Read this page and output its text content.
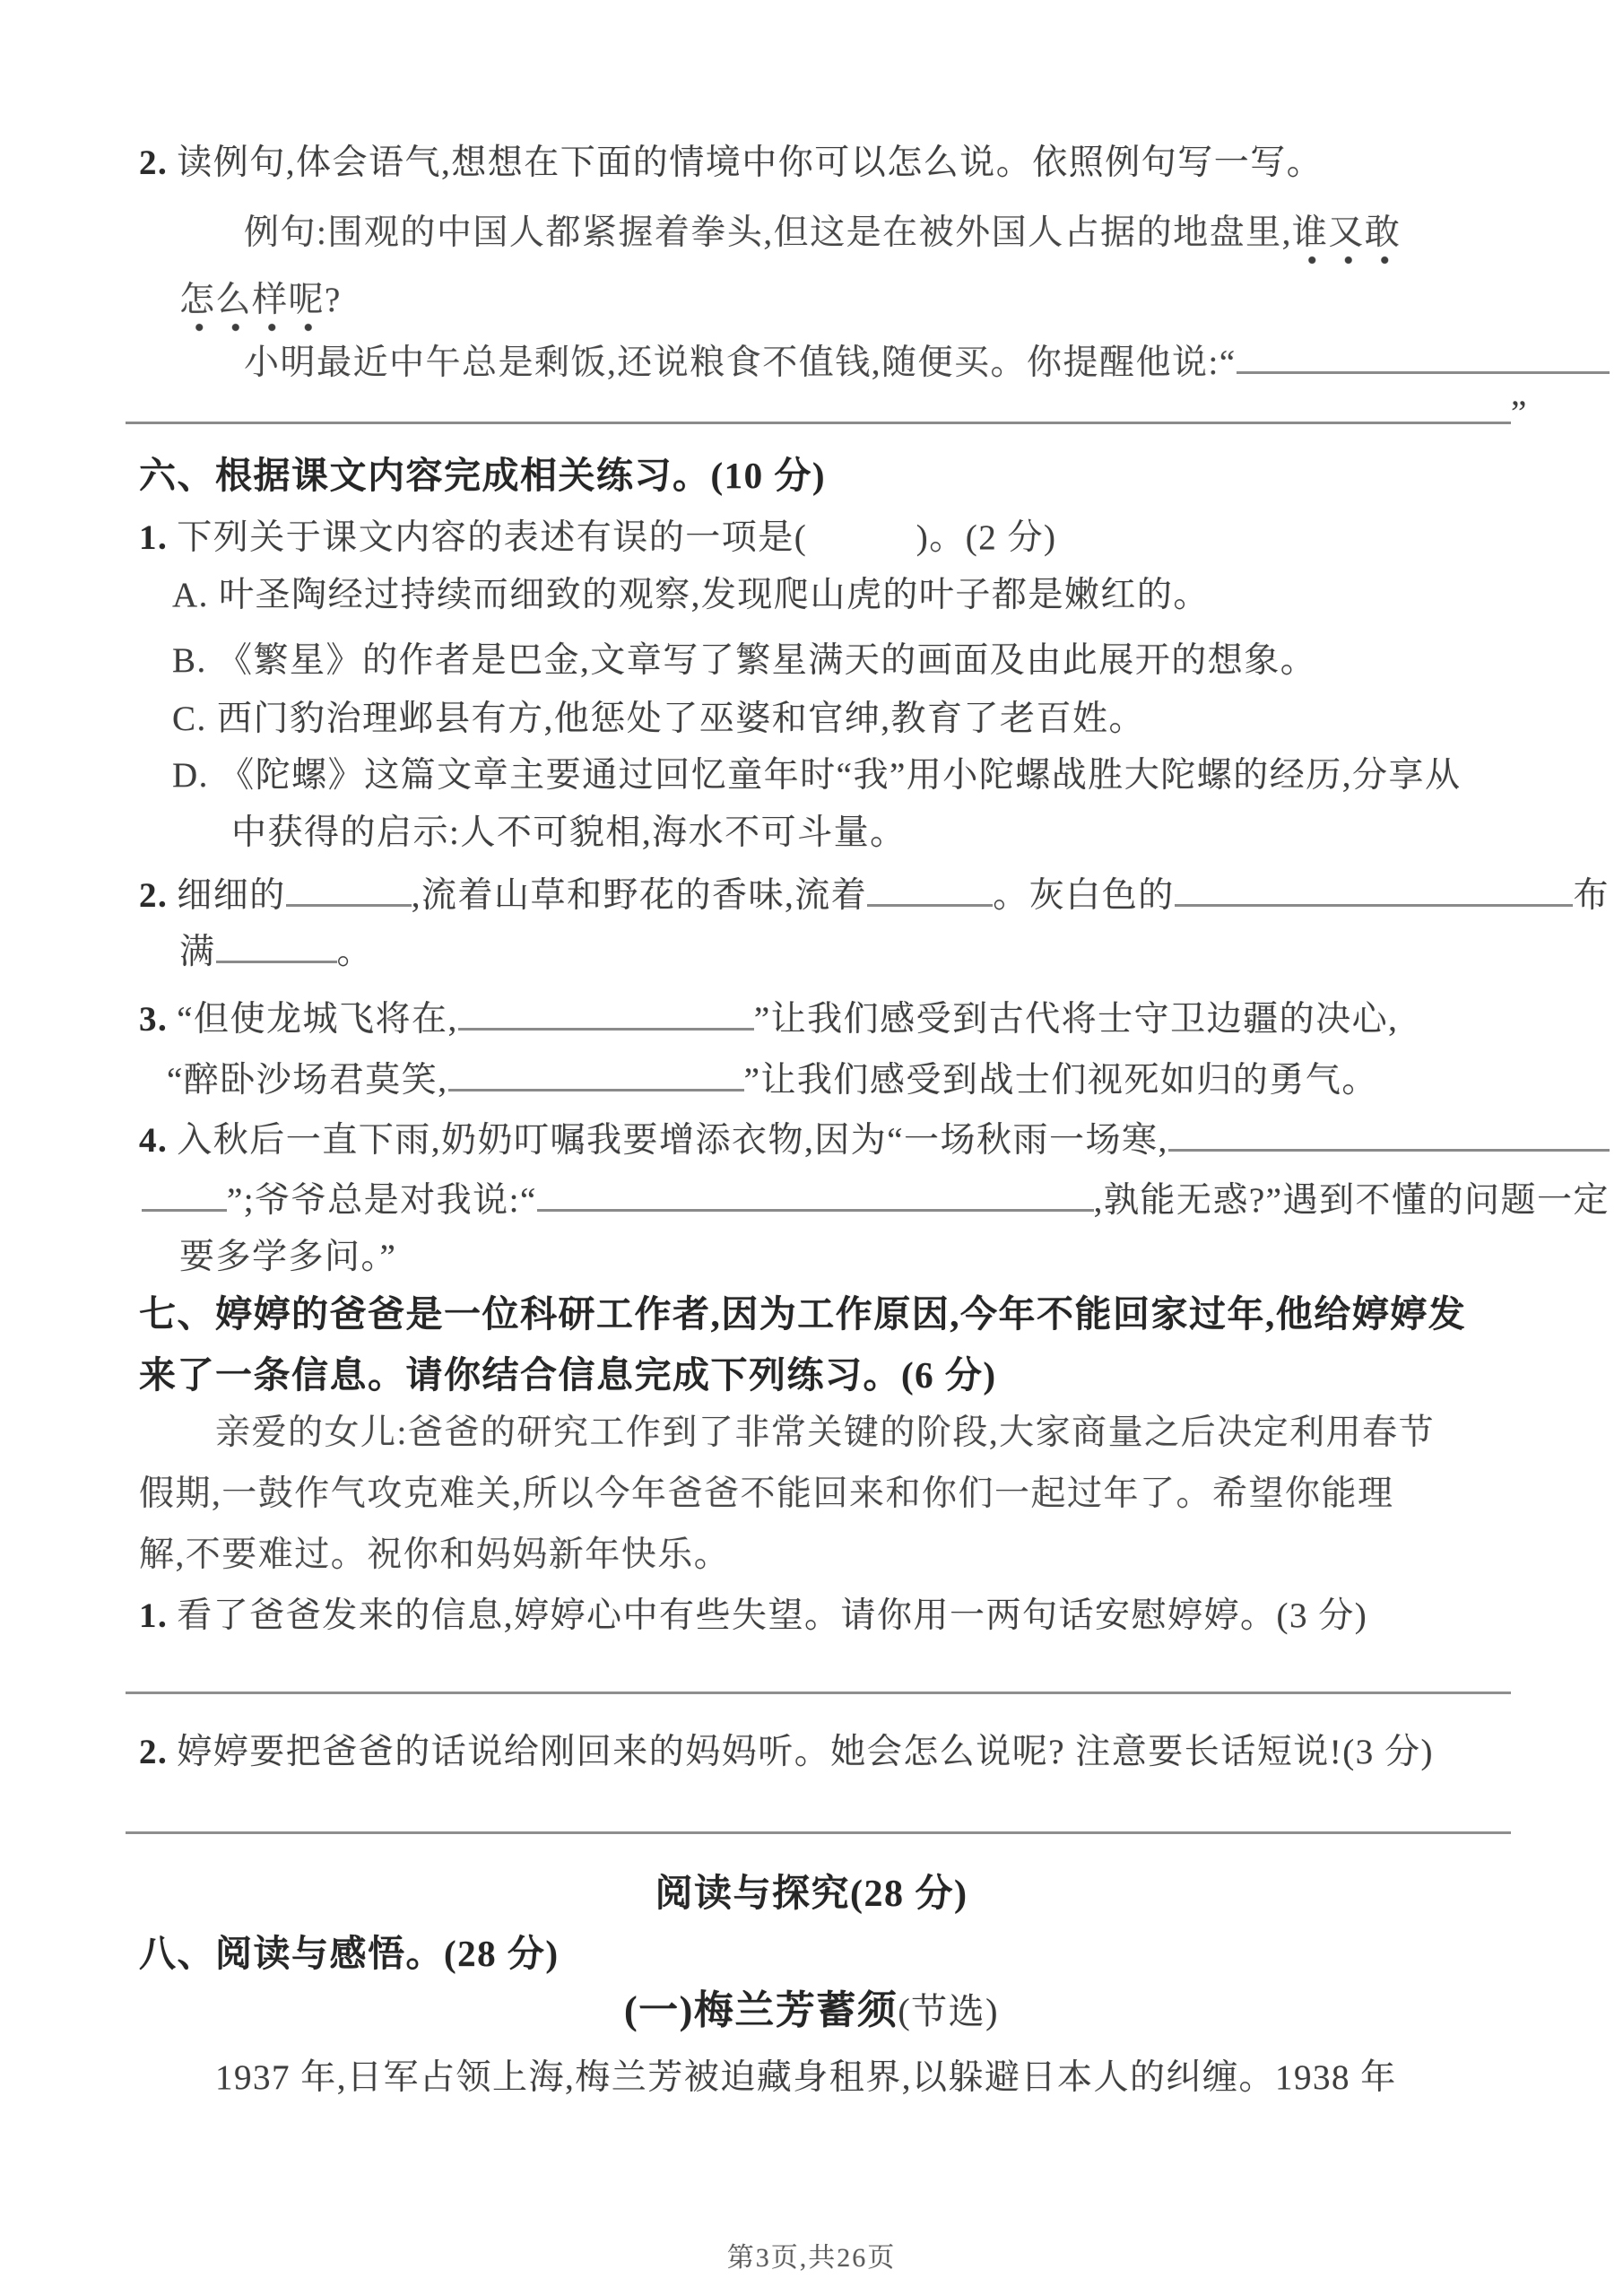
2. 读例句,体会语气,想想在下面的情境中你可以怎么说。依照例句写一写。
例句:围观的中国人都紧握着拳头,但这是在被外国人占据的地盘里,谁又敢
怎么样呢?
小明最近中午总是剩饭,还说粮食不值钱,随便买。你提醒他说:“
”
六、根据课文内容完成相关练习。(10 分)
1. 下列关于课文内容的表述有误的一项是(　　　)。(2 分)
A. 叶圣陶经过持续而细致的观察,发现爬山虎的叶子都是嫩红的。
B. 《繁星》的作者是巴金,文章写了繁星满天的画面及由此展开的想象。
C. 西门豹治理邺县有方,他惩处了巫婆和官绅,教育了老百姓。
D. 《陀螺》这篇文章主要通过回忆童年时“我”用小陀螺战胜大陀螺的经历,分享从
中获得的启示:人不可貌相,海水不可斗量。
2. 细细的	,流着山草和野花的香味,流着	。灰白色的	布
满	。
3. “但使龙城飞将在,	”让我们感受到古代将士守卫边疆的决心,
“醉卧沙场君莫笑,	”让我们感受到战士们视死如归的勇气。
4. 入秋后一直下雨,奶奶叮嘱我要增添衣物,因为“一场秋雨一场寒,
”;爷爷总是对我说:“	,孰能无惑?”遇到不懂的问题一定
要多学多问。”
七、婷婷的爸爸是一位科研工作者,因为工作原因,今年不能回家过年,他给婷婷发
来了一条信息。请你结合信息完成下列练习。(6 分)
亲爱的女儿:爸爸的研究工作到了非常关键的阶段,大家商量之后决定利用春节
假期,一鼓作气攻克难关,所以今年爸爸不能回来和你们一起过年了。希望你能理
解,不要难过。祝你和妈妈新年快乐。
1. 看了爸爸发来的信息,婷婷心中有些失望。请你用一两句话安慰婷婷。(3 分)
2. 婷婷要把爸爸的话说给刚回来的妈妈听。她会怎么说呢? 注意要长话短说!(3 分)
阅读与探究(28 分)
八、阅读与感悟。(28 分)
(一)梅兰芳蓄须(节选)
1937 年,日军占领上海,梅兰芳被迫藏身租界,以躲避日本人的纠缠。1938 年
第3页,共26页
